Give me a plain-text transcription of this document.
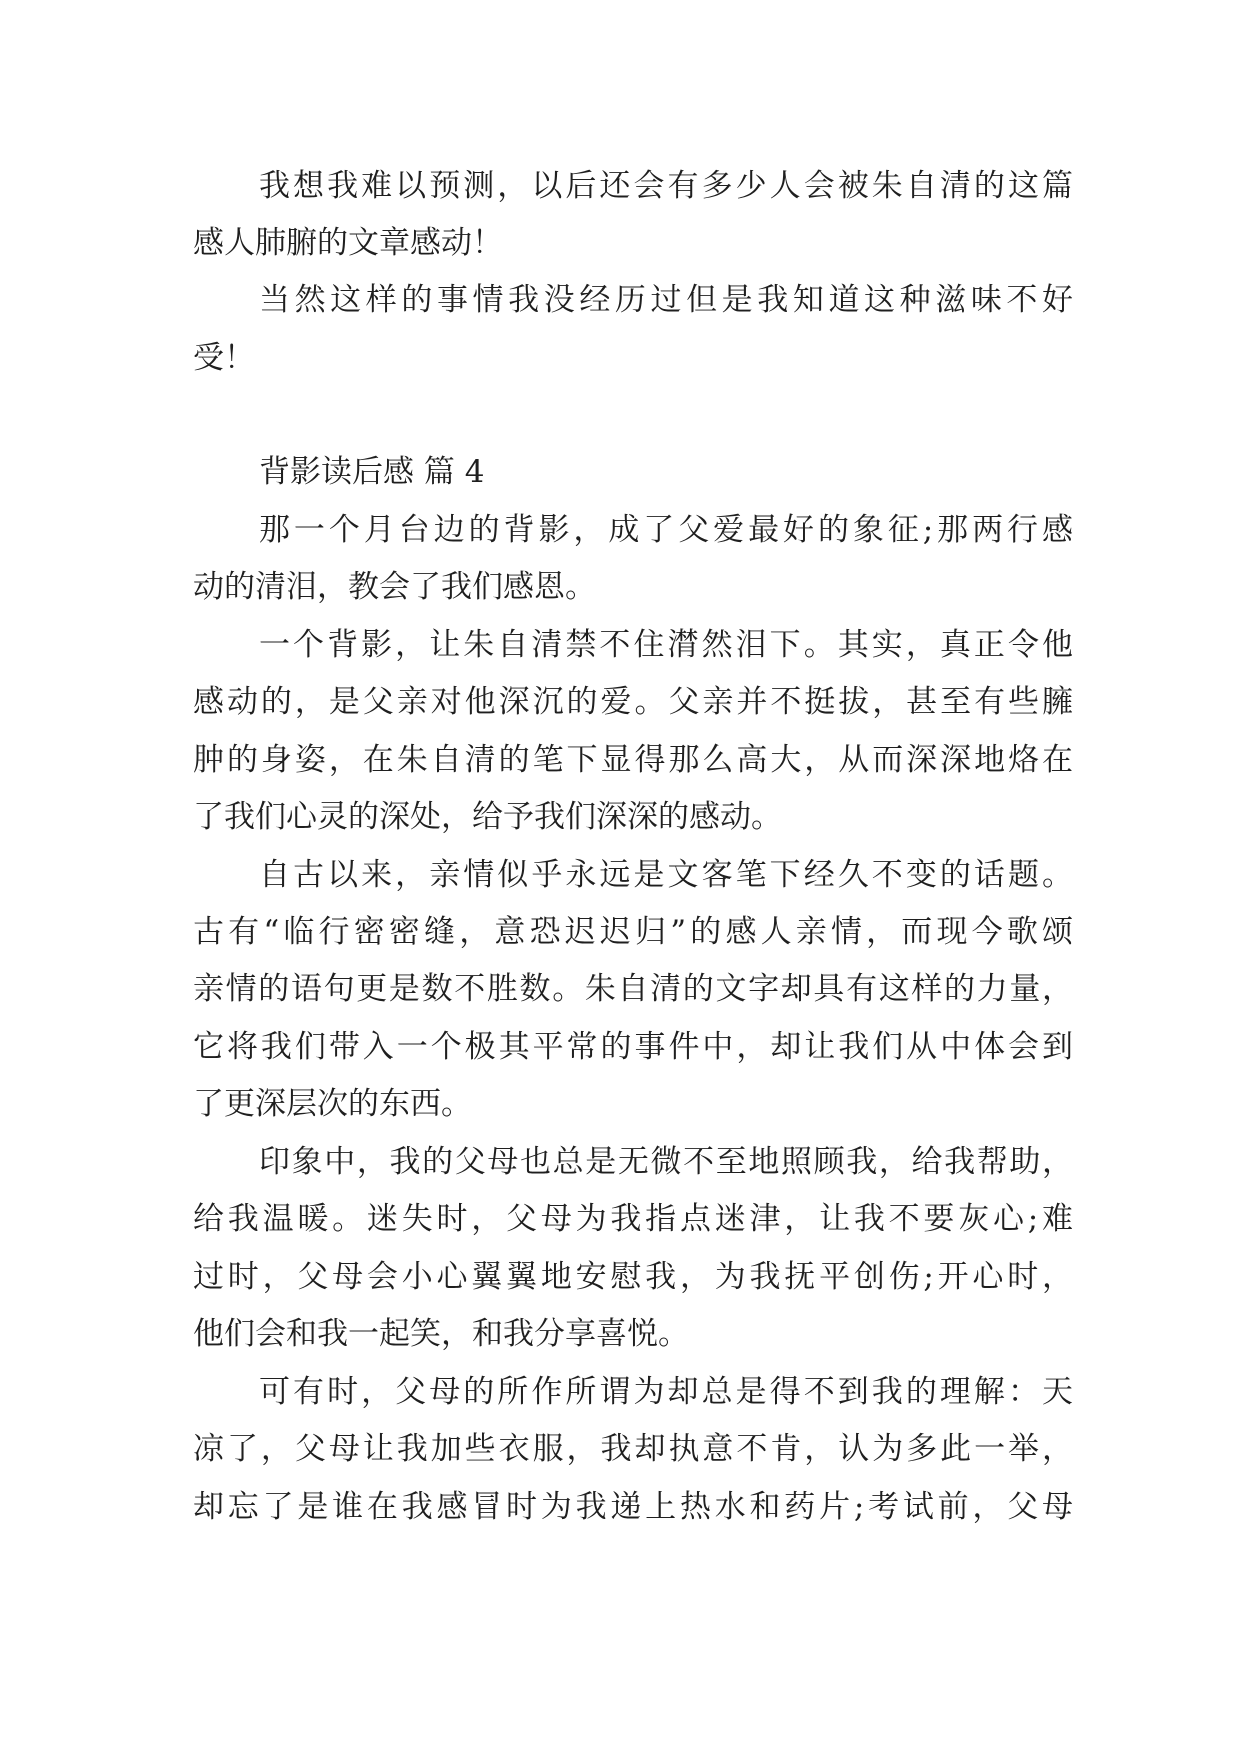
我想我难以预测，以后还会有多少人会被朱自清的这篇

感人肺腑的文章感动！

当然这样的事情我没经历过但是我知道这种滋味不好

受！

背影读后感 篇 4

那一个月台边的背影，成了父爱最好的象征;那两行感

动的清泪，教会了我们感恩。

一个背影，让朱自清禁不住潸然泪下。其实，真正令他

感动的，是父亲对他深沉的爱。父亲并不挺拔，甚至有些臃

肿的身姿，在朱自清的笔下显得那么高大，从而深深地烙在

了我们心灵的深处，给予我们深深的感动。

自古以来，亲情似乎永远是文客笔下经久不变的话题。

古有“临行密密缝，意恐迟迟归”的感人亲情，而现今歌颂

亲情的语句更是数不胜数。朱自清的文字却具有这样的力量，

它将我们带入一个极其平常的事件中，却让我们从中体会到

了更深层次的东西。

印象中，我的父母也总是无微不至地照顾我，给我帮助，

给我温暖。迷失时，父母为我指点迷津，让我不要灰心;难

过时，父母会小心翼翼地安慰我，为我抚平创伤;开心时，

他们会和我一起笑，和我分享喜悦。

可有时，父母的所作所谓为却总是得不到我的理解：天

凉了，父母让我加些衣服，我却执意不肯，认为多此一举，

却忘了是谁在我感冒时为我递上热水和药片;考试前，父母
